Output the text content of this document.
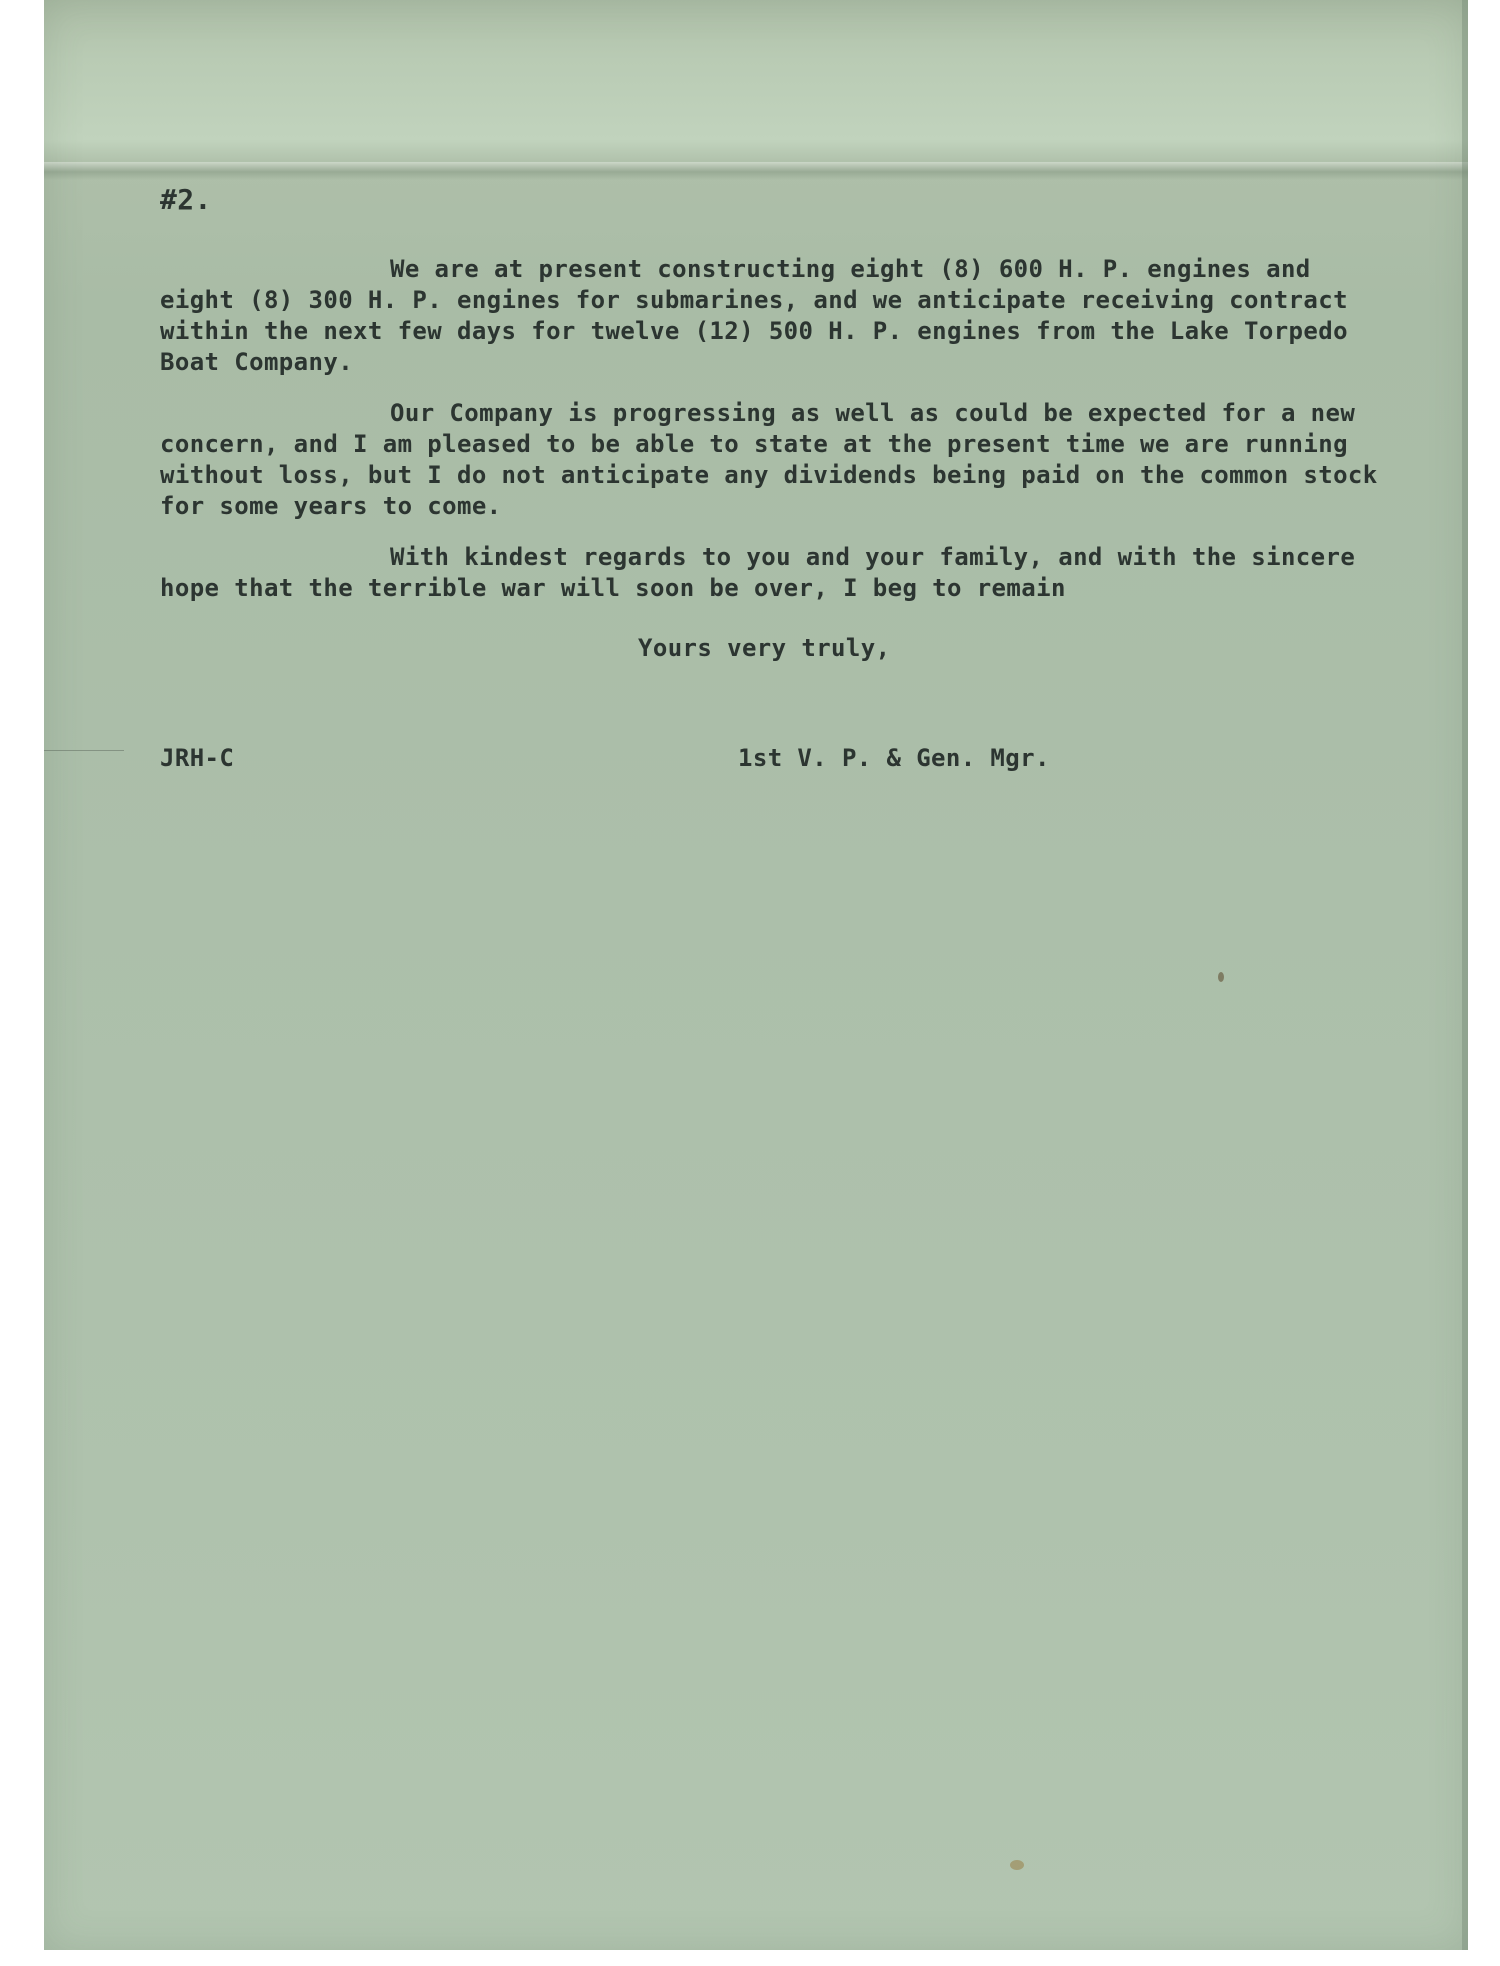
#2.
We are at present constructing eight (8) 600 H. P. engines and
eight (8) 300 H. P. engines for submarines, and we anticipate receiving contract
within the next few days for twelve (12) 500 H. P. engines from the Lake Torpedo
Boat Company.
Our Company is progressing as well as could be expected for a new
concern, and I am pleased to be able to state at the present time we are running
without loss, but I do not anticipate any dividends being paid on the common stock
for some years to come.
With kindest regards to you and your family, and with the sincere
hope that the terrible war will soon be over, I beg to remain
Yours very truly,
JRH-C	1st V. P. & Gen. Mgr.
